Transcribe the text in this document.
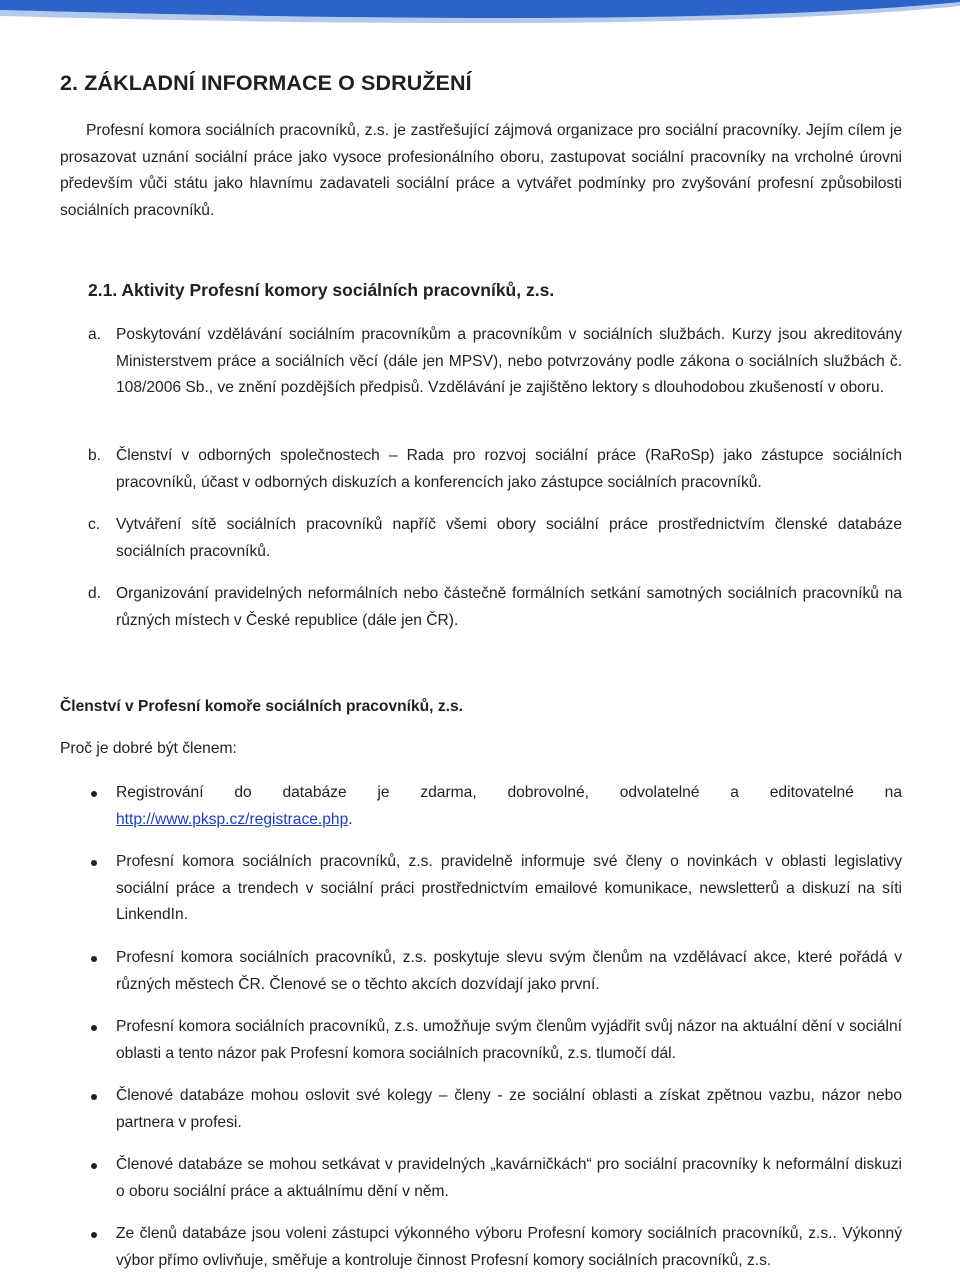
2. ZÁKLADNÍ INFORMACE O SDRUŽENÍ

Profesní komora sociálních pracovníků, z.s. je zastřešující zájmová organizace pro sociální pracovníky. Jejím cílem je prosazovat uznání sociální práce jako vysoce profesionálního oboru, zastupovat sociální pracovníky na vrcholné úrovni především vůči státu jako hlavnímu zadavateli sociální práce a vytvářet podmínky pro zvyšování profesní způsobilosti sociálních pracovníků.

2.1. Aktivity Profesní komory sociálních pracovníků, z.s.
a. Poskytování vzdělávání sociálním pracovníkům a pracovníkům v sociálních službách. Kurzy jsou akreditovány Ministerstvem práce a sociálních věcí (dále jen MPSV), nebo potvrzovány podle zákona o sociálních službách č. 108/2006 Sb., ve znění pozdějších předpisů. Vzdělávání je zajištěno lektory s dlouhodobou zkušeností v oboru.
b. Členství v odborných společnostech – Rada pro rozvoj sociální práce (RaRoSp) jako zástupce sociálních pracovníků, účast v odborných diskuzích a konferencích jako zástupce sociálních pracovníků.
c.	Vytváření sítě sociálních pracovníků napříč všemi obory sociální práce prostřednictvím členské databáze sociálních pracovníků.
d. Organizování pravidelných neformálních nebo částečně formálních setkání samotných sociálních pracovníků na různých místech v České republice (dále jen ČR).

Členství v Profesní komoře sociálních pracovníků, z.s.

Proč je dobré být členem:

Registrování do databáze je zdarma, dobrovolné, odvolatelné a editovatelné na http://www.pksp.cz/registrace.php.
Profesní komora sociálních pracovníků, z.s. pravidelně informuje své členy o novinkách v oblasti legislativy sociální práce a trendech v sociální práci prostřednictvím emailové komunikace, newsletterů a diskuzí na síti LinkendIn.
Profesní komora sociálních pracovníků, z.s. poskytuje slevu svým členům na vzdělávací akce, které pořádá v různých městech ČR. Členové se o těchto akcích dozvídají jako první.
Profesní komora sociálních pracovníků, z.s. umožňuje svým členům vyjádřit svůj názor na aktuální dění v sociální oblasti a tento názor pak Profesní komora sociálních pracovníků, z.s. tlumočí dál.
Členové databáze mohou oslovit své kolegy – členy - ze sociální oblasti a získat zpětnou vazbu, názor nebo partnera v profesi.
Členové databáze se mohou setkávat v pravidelných „kavárničkách“ pro sociální pracovníky k neformální diskuzi o oboru sociální práce a aktuálnímu dění v něm.
Ze členů databáze jsou voleni zástupci výkonného výboru Profesní komory sociálních pracovníků, z.s.. Výkonný výbor přímo ovlivňuje, směřuje a kontroluje činnost Profesní komory sociálních pracovníků, z.s.
